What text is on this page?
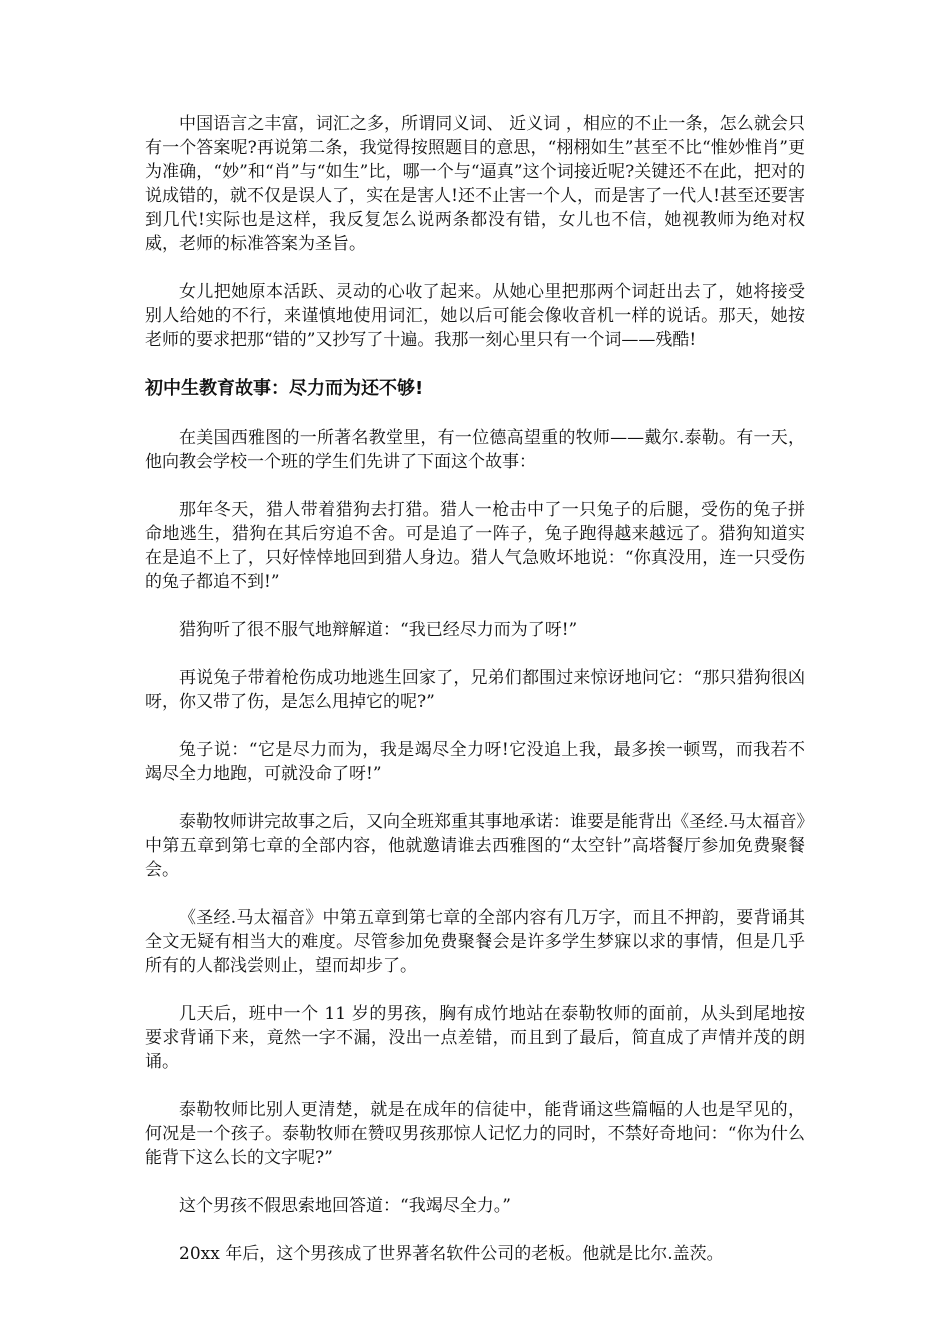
中国语言之丰富，词汇之多，所谓同义词、 近义词 ，相应的不止一条，怎么就会只有一个答案呢?再说第二条，我觉得按照题目的意思，“栩栩如生”甚至不比“惟妙惟肖”更为准确，“妙”和“肖”与“如生”比，哪一个与“逼真”这个词接近呢?关键还不在此，把对的说成错的，就不仅是误人了，实在是害人!还不止害一个人，而是害了一代人!甚至还要害到几代!实际也是这样，我反复怎么说两条都没有错，女儿也不信，她视教师为绝对权威，老师的标准答案为圣旨。

女儿把她原本活跃、灵动的心收了起来。从她心里把那两个词赶出去了，她将接受别人给她的不行，来谨慎地使用词汇，她以后可能会像收音机一样的说话。那天，她按老师的要求把那“错的”又抄写了十遍。我那一刻心里只有一个词——残酷!

初中生教育故事：尽力而为还不够!

在美国西雅图的一所著名教堂里，有一位德高望重的牧师——戴尔.泰勒。有一天，他向教会学校一个班的学生们先讲了下面这个故事：

那年冬天，猎人带着猎狗去打猎。猎人一枪击中了一只兔子的后腿，受伤的兔子拼命地逃生，猎狗在其后穷追不舍。可是追了一阵子，兔子跑得越来越远了。猎狗知道实在是追不上了，只好悻悻地回到猎人身边。猎人气急败坏地说：“你真没用，连一只受伤的兔子都追不到!”

猎狗听了很不服气地辩解道：“我已经尽力而为了呀!”

再说兔子带着枪伤成功地逃生回家了，兄弟们都围过来惊讶地问它：“那只猎狗很凶呀，你又带了伤，是怎么甩掉它的呢?”

兔子说：“它是尽力而为，我是竭尽全力呀!它没追上我，最多挨一顿骂，而我若不竭尽全力地跑，可就没命了呀!”

泰勒牧师讲完故事之后，又向全班郑重其事地承诺：谁要是能背出《圣经.马太福音》中第五章到第七章的全部内容，他就邀请谁去西雅图的“太空针”高塔餐厅参加免费聚餐会。

《圣经.马太福音》中第五章到第七章的全部内容有几万字，而且不押韵，要背诵其全文无疑有相当大的难度。尽管参加免费聚餐会是许多学生梦寐以求的事情，但是几乎所有的人都浅尝则止，望而却步了。

几天后，班中一个 11 岁的男孩，胸有成竹地站在泰勒牧师的面前，从头到尾地按要求背诵下来，竟然一字不漏，没出一点差错，而且到了最后，简直成了声情并茂的朗诵。

泰勒牧师比别人更清楚，就是在成年的信徒中，能背诵这些篇幅的人也是罕见的，何况是一个孩子。泰勒牧师在赞叹男孩那惊人记忆力的同时，不禁好奇地问：“你为什么能背下这么长的文字呢?”

这个男孩不假思索地回答道：“我竭尽全力。”

20xx 年后，这个男孩成了世界著名软件公司的老板。他就是比尔.盖茨。
